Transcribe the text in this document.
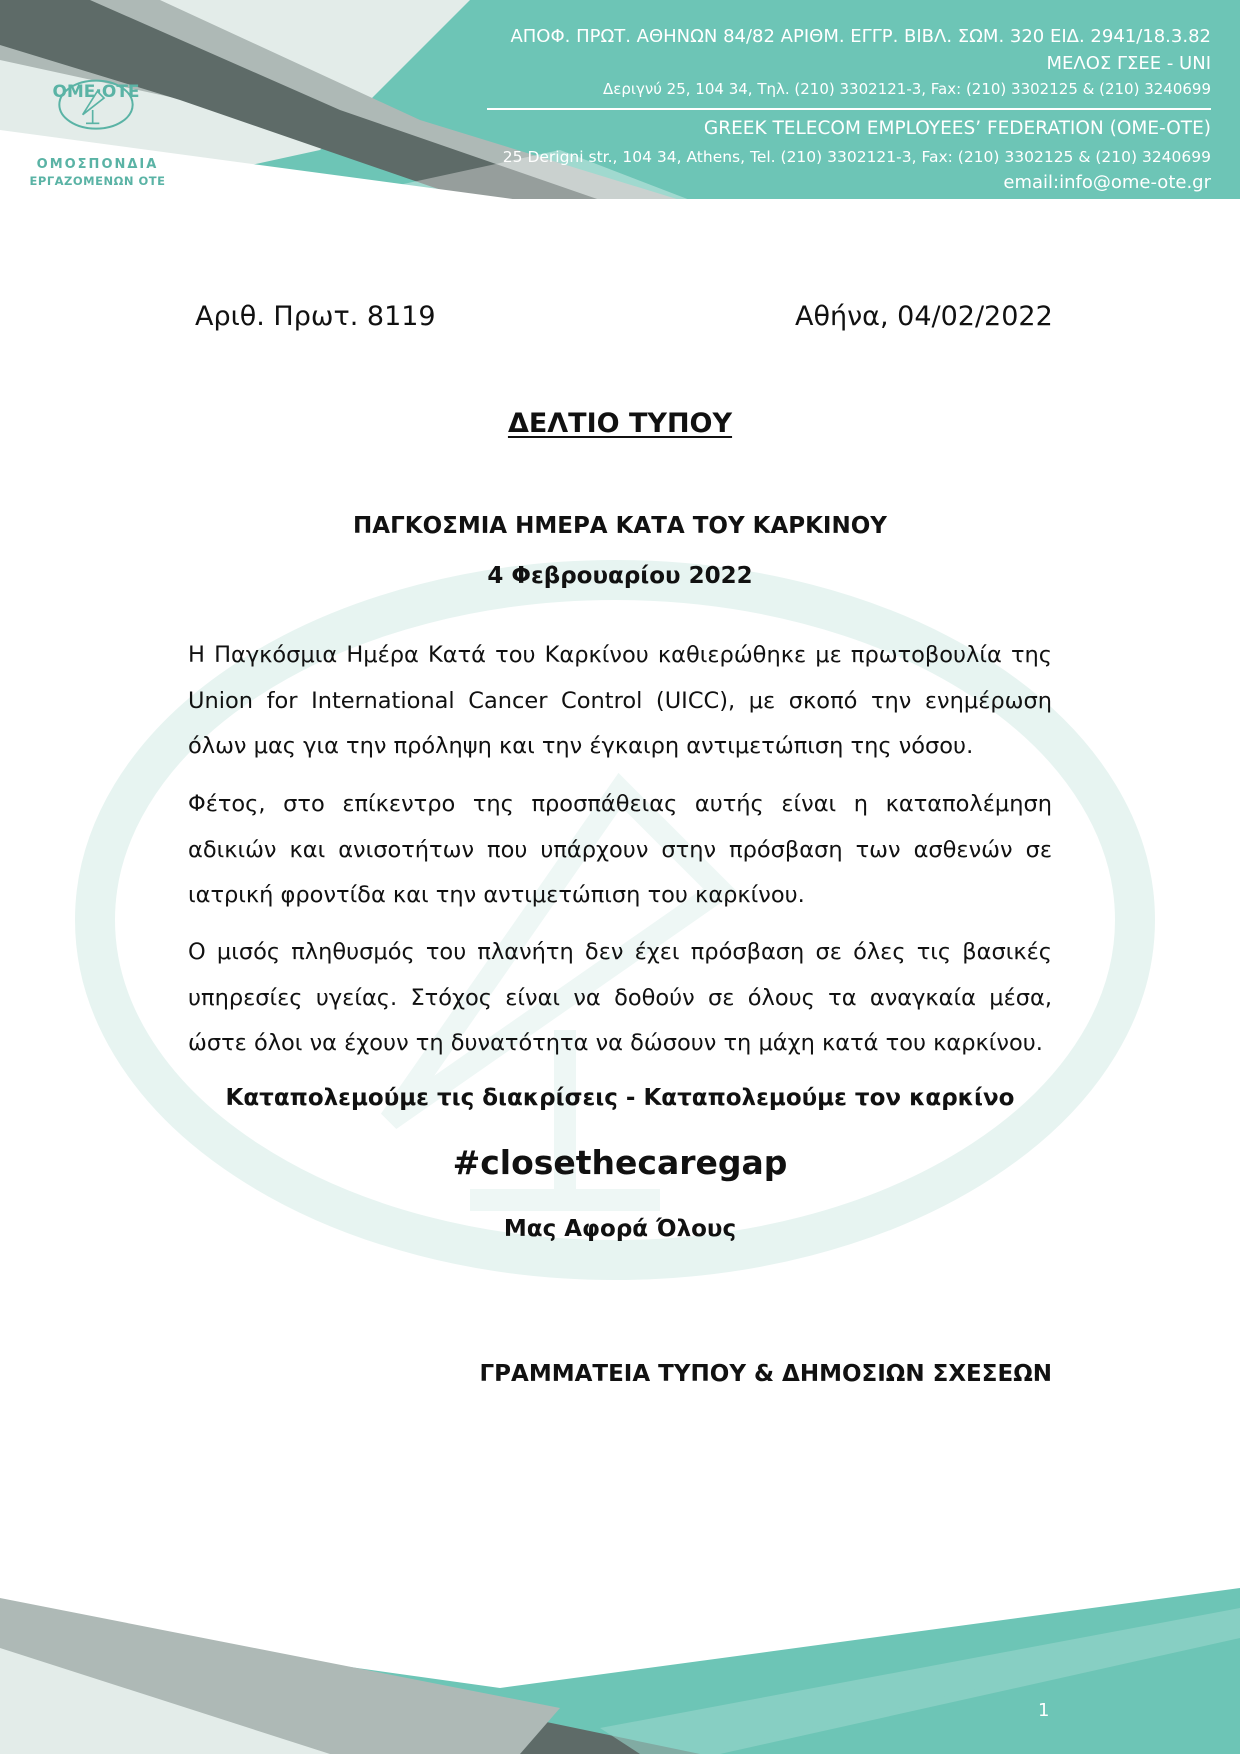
OME·OTE
ΟΜΟΣΠΟΝΔΙΑ
ΕΡΓΑΖΟΜΕΝΩΝ ΟΤΕ
ΑΠΟΦ. ΠΡΩΤ. ΑΘΗΝΩΝ 84/82 ΑΡΙΘΜ. ΕΓΓΡ. ΒΙΒΛ. ΣΩΜ. 320 ΕΙΔ. 2941/18.3.82
ΜΕΛΟΣ ΓΣΕΕ - UNI
Δεριγνύ 25, 104 34, Τηλ. (210) 3302121-3, Fax: (210) 3302125 & (210) 3240699
GREEK TELECOM EMPLOYEES’ FEDERATION (OME-OTE)
25 Derigni str., 104 34, Athens, Tel. (210) 3302121-3, Fax: (210) 3302125 & (210) 3240699
email:info@ome-ote.gr
Αριθ. Πρωτ. 8119	Αθήνα, 04/02/2022
ΔΕΛΤΙΟ ΤΥΠΟΥ
ΠΑΓΚΟΣΜΙΑ ΗΜΕΡΑ ΚΑΤΑ ΤΟΥ ΚΑΡΚΙΝΟΥ
4 Φεβρουαρίου 2022
Η Παγκόσμια Ημέρα Κατά του Καρκίνου καθιερώθηκε με πρωτοβουλία της Union for International Cancer Control (UICC), με σκοπό την ενημέρωση όλων μας για την πρόληψη και την έγκαιρη αντιμετώπιση της νόσου.
Φέτος, στο επίκεντρο της προσπάθειας αυτής είναι η καταπολέμηση αδικιών και ανισοτήτων που υπάρχουν στην πρόσβαση των ασθενών σε ιατρική φροντίδα και την αντιμετώπιση του καρκίνου.
Ο μισός πληθυσμός του πλανήτη δεν έχει πρόσβαση σε όλες τις βασικές υπηρεσίες υγείας. Στόχος είναι να δοθούν σε όλους τα αναγκαία μέσα, ώστε όλοι να έχουν τη δυνατότητα να δώσουν τη μάχη κατά του καρκίνου.
Καταπολεμούμε τις διακρίσεις - Καταπολεμούμε τον καρκίνο
#closethecaregap
Μας Αφορά Όλους
ΓΡΑΜΜΑΤΕΙΑ ΤΥΠΟΥ & ΔΗΜΟΣΙΩΝ ΣΧΕΣΕΩΝ
1
